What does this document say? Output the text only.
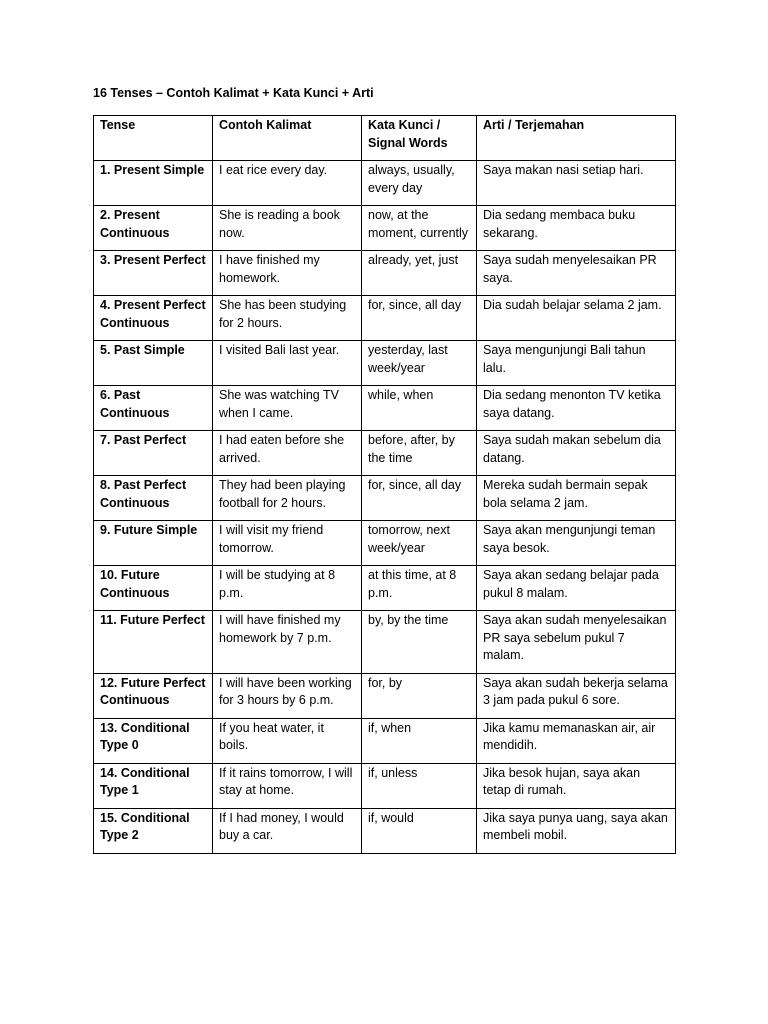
16 Tenses – Contoh Kalimat + Kata Kunci + Arti
Tense	Contoh Kalimat	Kata Kunci / Signal Words	Arti / Terjemahan
1. Present Simple	I eat rice every day.	always, usually, every day	Saya makan nasi setiap hari.
2. Present Continuous	She is reading a book now.	now, at the moment, currently	Dia sedang membaca buku sekarang.
3. Present Perfect	I have finished my homework.	already, yet, just	Saya sudah menyelesaikan PR saya.
4. Present Perfect Continuous	She has been studying for 2 hours.	for, since, all day	Dia sudah belajar selama 2 jam.
5. Past Simple	I visited Bali last year.	yesterday, last week/year	Saya mengunjungi Bali tahun lalu.
6. Past Continuous	She was watching TV when I came.	while, when	Dia sedang menonton TV ketika saya datang.
7. Past Perfect	I had eaten before she arrived.	before, after, by the time	Saya sudah makan sebelum dia datang.
8. Past Perfect Continuous	They had been playing football for 2 hours.	for, since, all day	Mereka sudah bermain sepak bola selama 2 jam.
9. Future Simple	I will visit my friend tomorrow.	tomorrow, next week/year	Saya akan mengunjungi teman saya besok.
10. Future Continuous	I will be studying at 8 p.m.	at this time, at 8 p.m.	Saya akan sedang belajar pada pukul 8 malam.
11. Future Perfect	I will have finished my homework by 7 p.m.	by, by the time	Saya akan sudah menyelesaikan PR saya sebelum pukul 7 malam.
12. Future Perfect Continuous	I will have been working for 3 hours by 6 p.m.	for, by	Saya akan sudah bekerja selama 3 jam pada pukul 6 sore.
13. Conditional Type 0	If you heat water, it boils.	if, when	Jika kamu memanaskan air, air mendidih.
14. Conditional Type 1	If it rains tomorrow, I will stay at home.	if, unless	Jika besok hujan, saya akan tetap di rumah.
15. Conditional Type 2	If I had money, I would buy a car.	if, would	Jika saya punya uang, saya akan membeli mobil.
